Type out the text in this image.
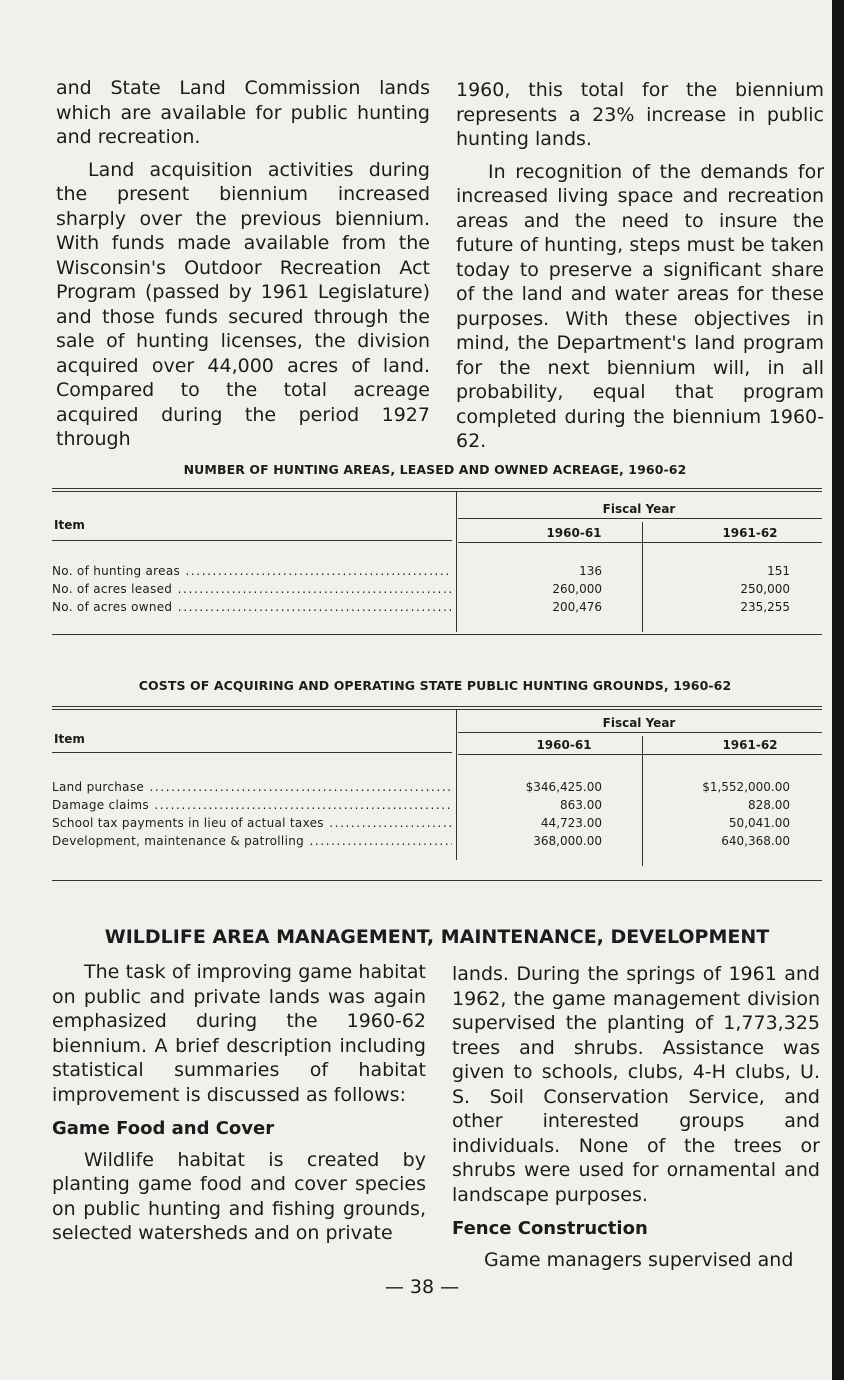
and State Land Commission lands which are available for public hunting and recreation.

Land acquisition activities during the present biennium increased sharply over the previous biennium. With funds made available from the Wisconsin's Outdoor Recreation Act Program (passed by 1961 Legislature) and those funds secured through the sale of hunting licenses, the division acquired over 44,000 acres of land. Compared to the total acreage acquired during the period 1927 through

1960, this total for the biennium represents a 23% increase in public hunting lands.

In recognition of the demands for increased living space and recreation areas and the need to insure the future of hunting, steps must be taken today to preserve a significant share of the land and water areas for these purposes. With these objectives in mind, the Department's land program for the next biennium will, in all probability, equal that program completed during the biennium 1960-62.

NUMBER OF HUNTING AREAS, LEASED AND OWNED ACREAGE, 1960-62
Fiscal Year
Item
1960-61	1961-62
No. of hunting areas .....	136	151
No. of acres leased .....	260,000	250,000
No. of acres owned .....	200,476	235,255
COSTS OF ACQUIRING AND OPERATING STATE PUBLIC HUNTING GROUNDS, 1960-62
Fiscal Year
Item	1960-61	1961-62
Land purchase .....	$346,425.00	$1,552,000.00
Damage claims .....	863.00	828.00
School tax payments in lieu of actual taxes .....	44,723.00	50,041.00
Development, maintenance & patrolling .....	368,000.00	640,368.00
WILDLIFE AREA MANAGEMENT, MAINTENANCE, DEVELOPMENT

The task of improving game habitat on public and private lands was again emphasized during the 1960-62 biennium. A brief description including statistical summaries of habitat improvement is discussed as follows:

Game Food and Cover

Wildlife habitat is created by planting game food and cover species on public hunting and fishing grounds, selected watersheds and on private

lands. During the springs of 1961 and 1962, the game management division supervised the planting of 1,773,325 trees and shrubs. Assistance was given to schools, clubs, 4-H clubs, U. S. Soil Conservation Service, and other interested groups and individuals. None of the trees or shrubs were used for ornamental and landscape purposes.

Fence Construction

Game managers supervised and

— 38 —
